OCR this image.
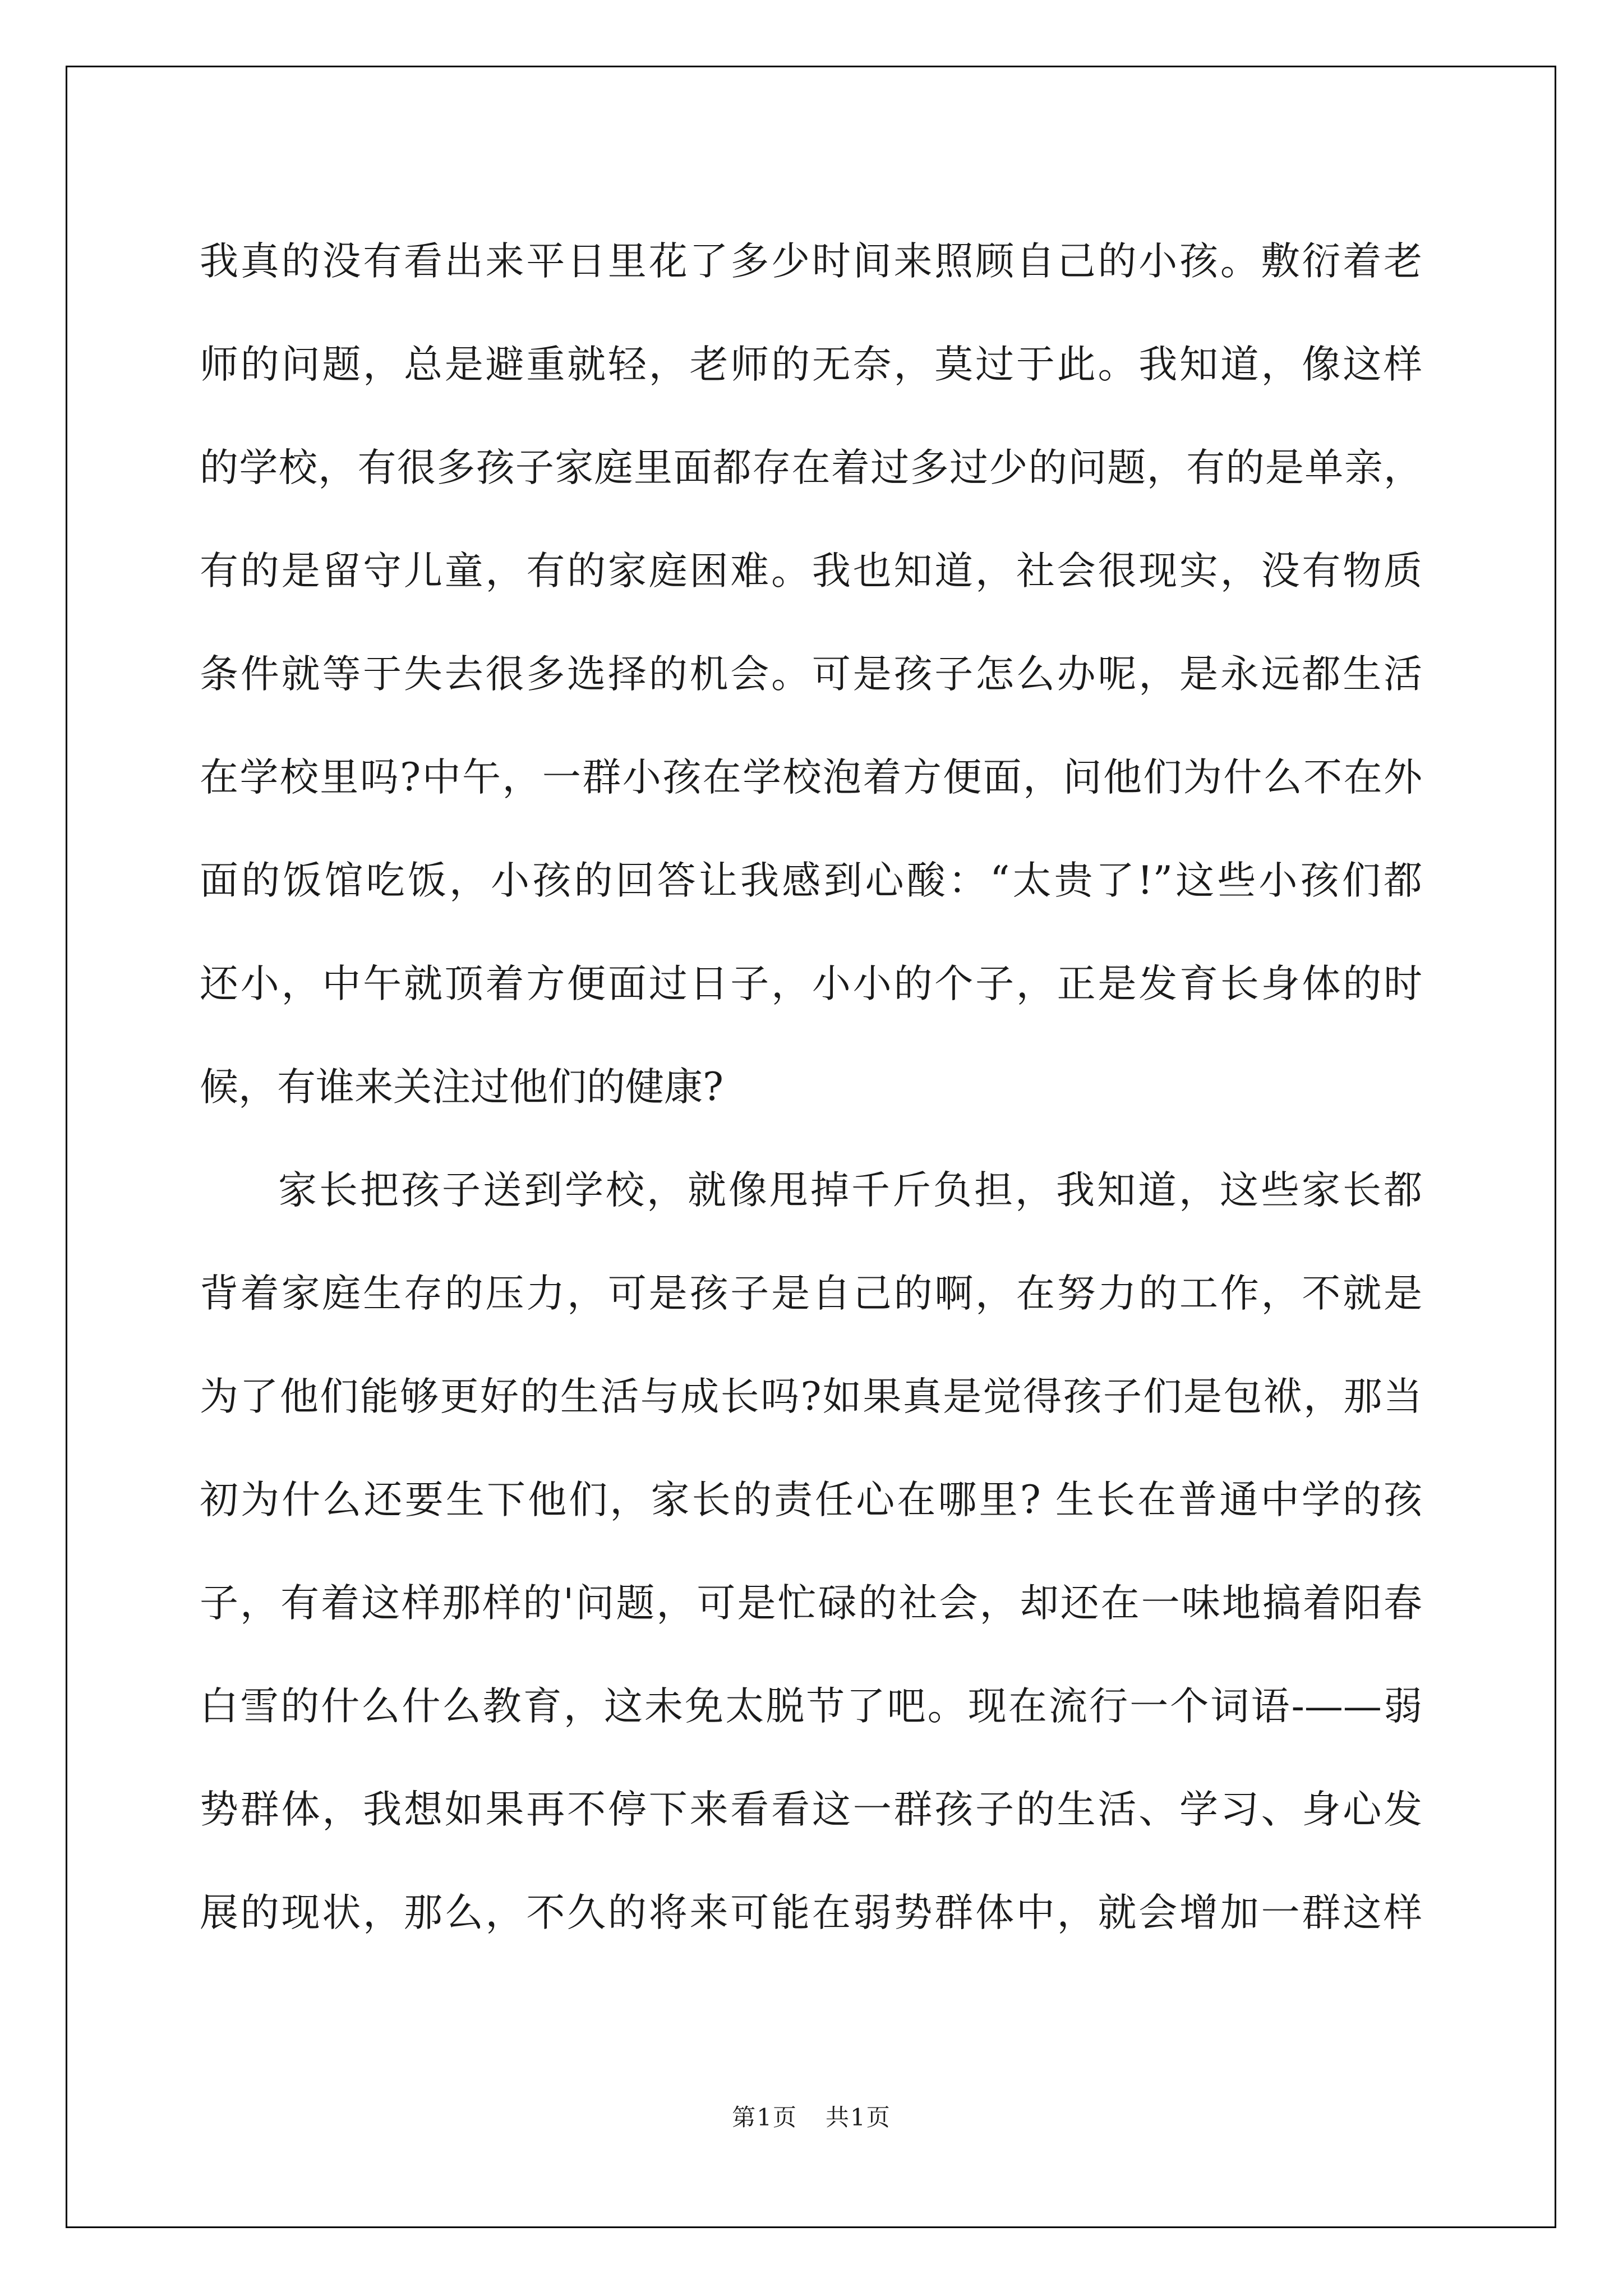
我真的没有看出来平日里花了多少时间来照顾自己的小孩。敷衍着老
师的问题，总是避重就轻，老师的无奈，莫过于此。我知道，像这样
的学校，有很多孩子家庭里面都存在着过多过少的问题，有的是单亲，
有的是留守儿童，有的家庭困难。我也知道，社会很现实，没有物质
条件就等于失去很多选择的机会。可是孩子怎么办呢，是永远都生活
在学校里吗?中午，一群小孩在学校泡着方便面，问他们为什么不在外
面的饭馆吃饭，小孩的回答让我感到心酸：“太贵了!”这些小孩们都
还小，中午就顶着方便面过日子，小小的个子，正是发育长身体的时
候，有谁来关注过他们的健康?
家长把孩子送到学校，就像甩掉千斤负担，我知道，这些家长都
背着家庭生存的压力，可是孩子是自己的啊，在努力的工作，不就是
为了他们能够更好的生活与成长吗?如果真是觉得孩子们是包袱，那当
初为什么还要生下他们，家长的责任心在哪里? 生长在普通中学的孩
子，有着这样那样的'问题，可是忙碌的社会，却还在一味地搞着阳春
白雪的什么什么教育，这未免太脱节了吧。现在流行一个词语-——弱
势群体，我想如果再不停下来看看这一群孩子的生活、学习、身心发
展的现状，那么，不久的将来可能在弱势群体中，就会增加一群这样
第1页 共1页
